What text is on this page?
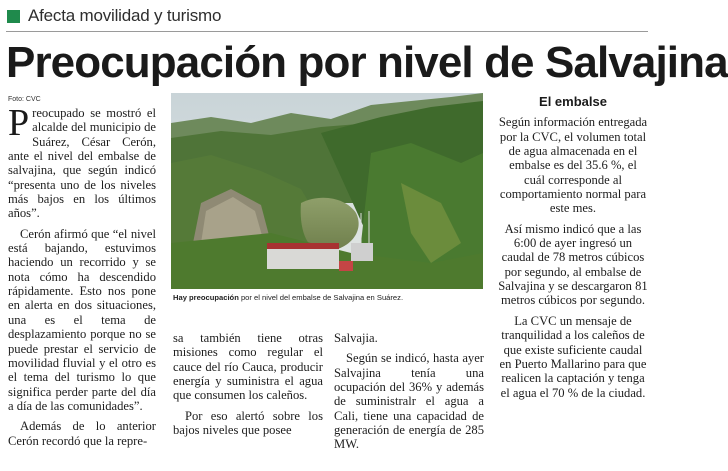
Afecta movilidad y turismo
Preocupación por nivel de Salvajina
Foto: CVC

Preocupado se mostró el alcalde del municipio de Suárez, César Cerón, ante el nivel del embalse de salvajina, que según indicó “presenta uno de los niveles más bajos en los últimos años”.

Cerón afirmó que “el nivel está bajando, estuvimos haciendo un recorrido y se nota cómo ha descendido rápidamente. Esto nos pone en alerta en dos situaciones, una es el tema de desplazamiento porque no se puede prestar el servicio de movilidad fluvial y el otro es el tema del turismo lo que significa perder parte del día a día de las comunidades”.

Además de lo anterior Cerón recordó que la repre-

Hay preocupación por el nivel del embalse de Salvajina en Suárez.

sa también tiene otras misiones como regular el cauce del río Cauca, producir energía y suministra el agua que consumen los caleños.

Por eso alertó sobre los bajos niveles que posee

Salvajia.

Según se indicó, hasta ayer Salvajina tenía una ocupación del 36% y además de suministralr el agua a Cali, tiene una capacidad de generación de energía de 285 MW.

El embalse

Según información entregada por la CVC, el volumen total de agua almacenada en el embalse es del 35.6 %, el cuál corresponde al comportamiento normal para este mes.

Así mismo indicó que a las 6:00 de ayer ingresó un caudal de 78 metros cúbicos por segundo, al embalse de Salvajina y se descargaron 81 metros cúbicos por segundo.

La CVC un mensaje de tranquilidad a los caleños de que existe suficiente caudal en Puerto Mallarino para que realicen la captación y tenga el agua el 70 % de la ciudad.
